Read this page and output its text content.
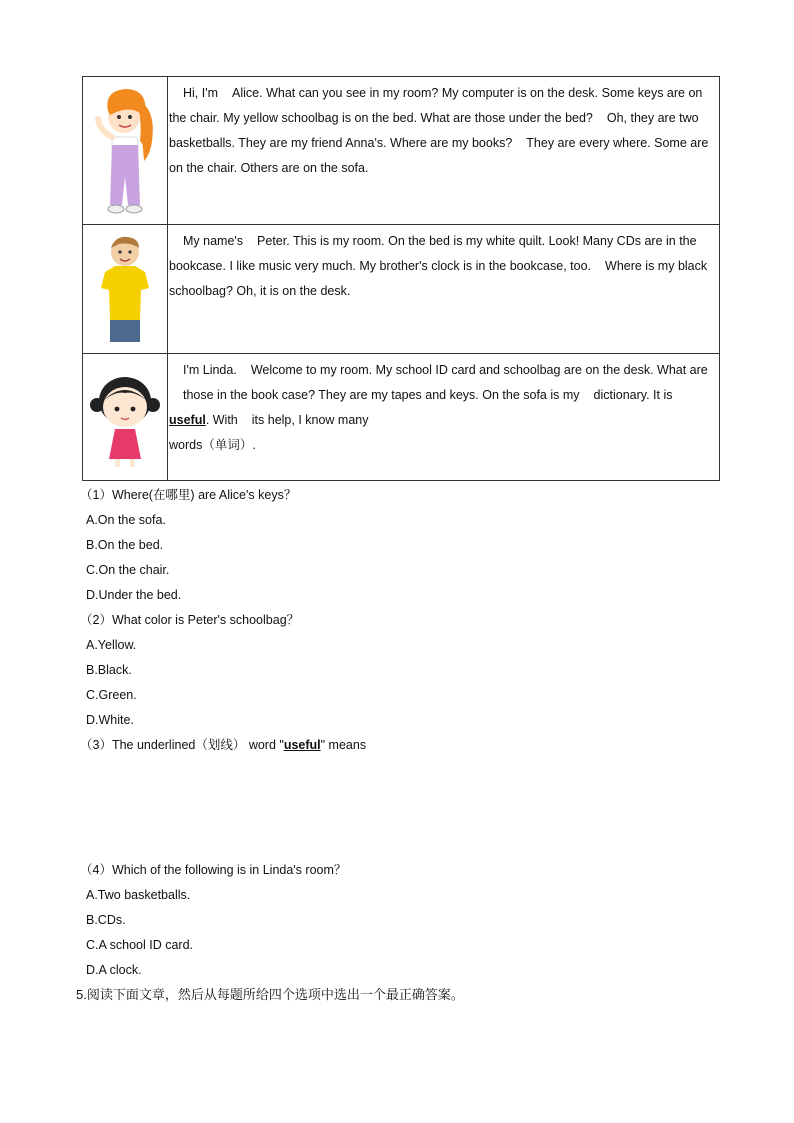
	Hi, I'm Alice. What can you see in my room? My computer is on the desk. Some keys are on the chair. My yellow schoolbag is on the bed. What are those under the bed? Oh, they are two basketballs. They are my friend Anna's. Where are my books? They are every where. Some are on the chair. Others are on the sofa.

	My name's Peter. This is my room. On the bed is my white quilt. Look! Many CDs are in the bookcase. I like music very much. My brother's clock is in the bookcase, too. Where is my black schoolbag? Oh, it is on the desk.

	I'm Linda. Welcome to my room. My school ID card and schoolbag are on the desk. What arethose in the book case? They are my tapes and keys. On the sofa is my dictionary. It is useful. With its help, I know many
words（单词）.
（1）Where(在哪里) are Alice's keys？
A.On the sofa.
B.On the bed.
C.On the chair.
D.Under the bed.
（2）What color is Peter's schoolbag？
A.Yellow.
B.Black.
C.Green.
D.White.
（3）The underlined（划线） word "useful" means
（4）Which of the following is in Linda's room？
A.Two basketballs.
B.CDs.
C.A school ID card.
D.A clock.
5.阅读下面文章，然后从每题所给四个选项中选出一个最正确答案。
